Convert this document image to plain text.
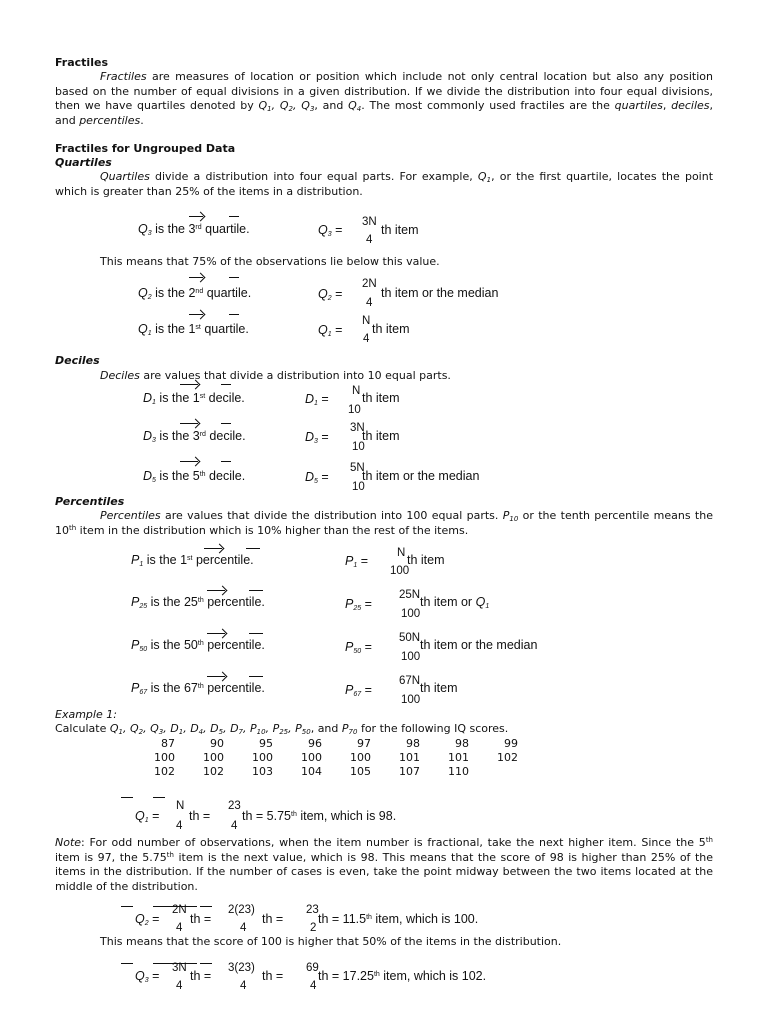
Fractiles
Fractiles are measures of location or position which include not only central location but also any position based on the number of equal divisions in a given distribution. If we divide the distribution into four equal divisions, then we have quartiles denoted by $Q_1$, $Q_2$, $Q_3$, and $Q_4$. The most commonly used fractiles are the quartiles, deciles, and percentiles.
Fractiles for Ungrouped Data
Quartiles
Quartiles divide a distribution into four equal parts. For example, $Q_1$, or the first quartile, locates the point which is greater than 25% of the items in a distribution.
$Q_3$ is the 3rd quartile.	$Q_3$ =
3N
4
th item
This means that 75% of the observations lie below this value.
$Q_2$ is the 2nd quartile.	$Q_2$ =
2N
4
th item or the median
$Q_1$ is the 1st quartile.	$Q_1$ =
N
4
th item
Deciles
Deciles are values that divide a distribution into 10 equal parts.
$D_1$ is the 1st decile.	$D_1$ =
N
10
th item
$D_3$ is the 3rd decile.	$D_3$ =
3N
10
th item
$D_5$ is the 5th decile.	$D_5$ =
5N
10
th item or the median
Percentiles
Percentiles are values that divide the distribution into 100 equal parts. $P_{10}$ or the tenth percentile means the 10th item in the distribution which is 10% higher than the rest of the items.
$P_1$ is the 1st percentile.	$P_1$ =
N
100
th item
$P_{25}$ is the 25th percentile.	$P_{25}$ =
25N
100
th item or $Q_1$
$P_{50}$ is the 50th percentile.	$P_{50}$ =
50N
100
th item or the median
$P_{67}$ is the 67th percentile.	$P_{67}$ =
67N
100
th item
Example 1:
Calculate $Q_1$, $Q_2$, $Q_3$, $D_1$, $D_4$, $D_5$, $D_7$, $P_{10}$, $P_{25}$, $P_{50}$, and $P_{70}$ for the following IQ scores.
87	90	95	96	97	98	98	99
100	100	100	100	100	101	101	102
102	102	103	104	105	107	110
$Q_1$ =
N
4
th =
23
4
th = 5.75th item, which is 98.
Note: For odd number of observations, when the item number is fractional, take the next higher item. Since the 5th item is 97, the 5.75th item is the next value, which is 98. This means that the score of 98 is higher than 25% of the items in the distribution. If the number of cases is even, take the point midway between the two items located at the middle of the distribution.
$Q_2$ =
2N
4
th =
2(23)
4
th =
23
2
th = 11.5th item, which is 100.
This means that the score of 100 is higher that 50% of the items in the distribution.
$Q_3$ =
3N
4
th =
3(23)
4
th =
69
4
th = 17.25th item, which is 102.
